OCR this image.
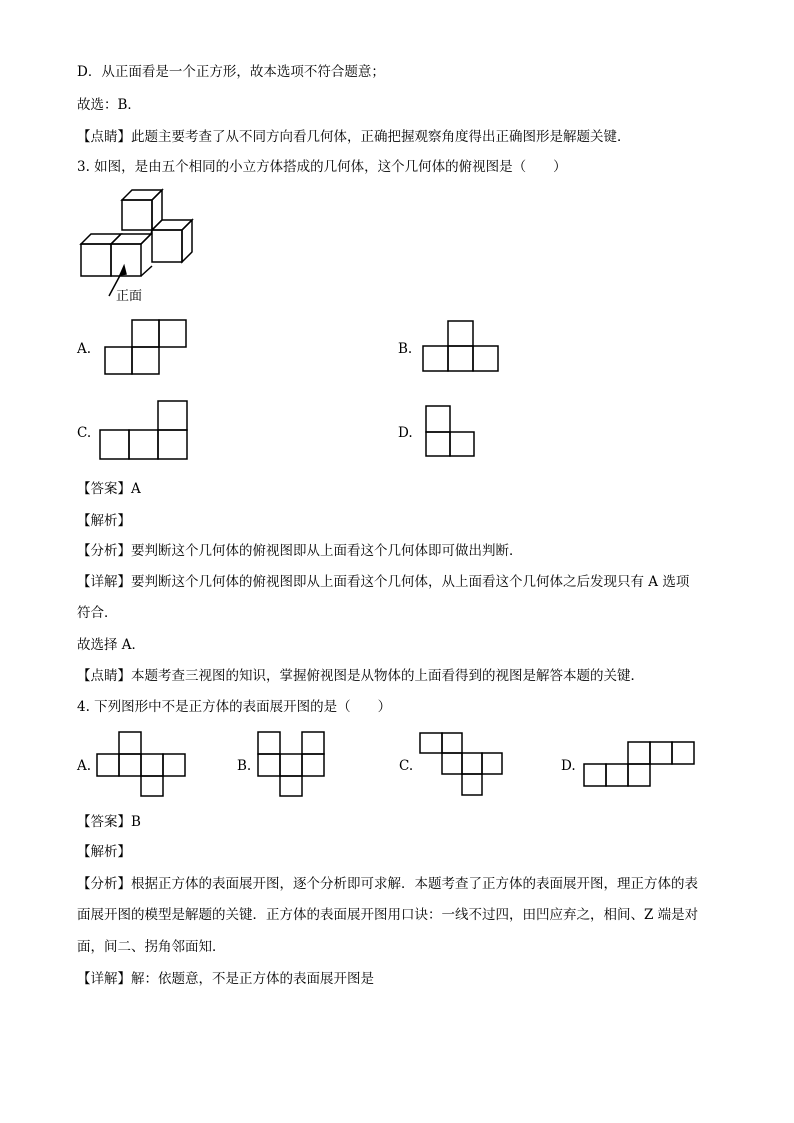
D．从正面看是一个正方形，故本选项不符合题意；
故选：B．
【点睛】此题主要考查了从不同方向看几何体，正确把握观察角度得出正确图形是解题关键．
3. 如图，是由五个相同的小立方体搭成的几何体，这个几何体的俯视图是（　　）
正面
A.	B.
C.	D.
【答案】A
【解析】
【分析】要判断这个几何体的俯视图即从上面看这个几何体即可做出判断．
【详解】要判断这个几何体的俯视图即从上面看这个几何体，从上面看这个几何体之后发现只有 A 选项
符合．
故选择 A．
【点睛】本题考查三视图的知识，掌握俯视图是从物体的上面看得到的视图是解答本题的关键．
4. 下列图形中不是正方体的表面展开图的是（　　）
A.	B.	C.	D.
【答案】B
【解析】
【分析】根据正方体的表面展开图，逐个分析即可求解．本题考查了正方体的表面展开图，理正方体的表
面展开图的模型是解题的关键．正方体的表面展开图用口诀：一线不过四，田凹应弃之，相间、Z 端是对
面，间二、拐角邻面知．
【详解】解：依题意，不是正方体的表面展开图是
